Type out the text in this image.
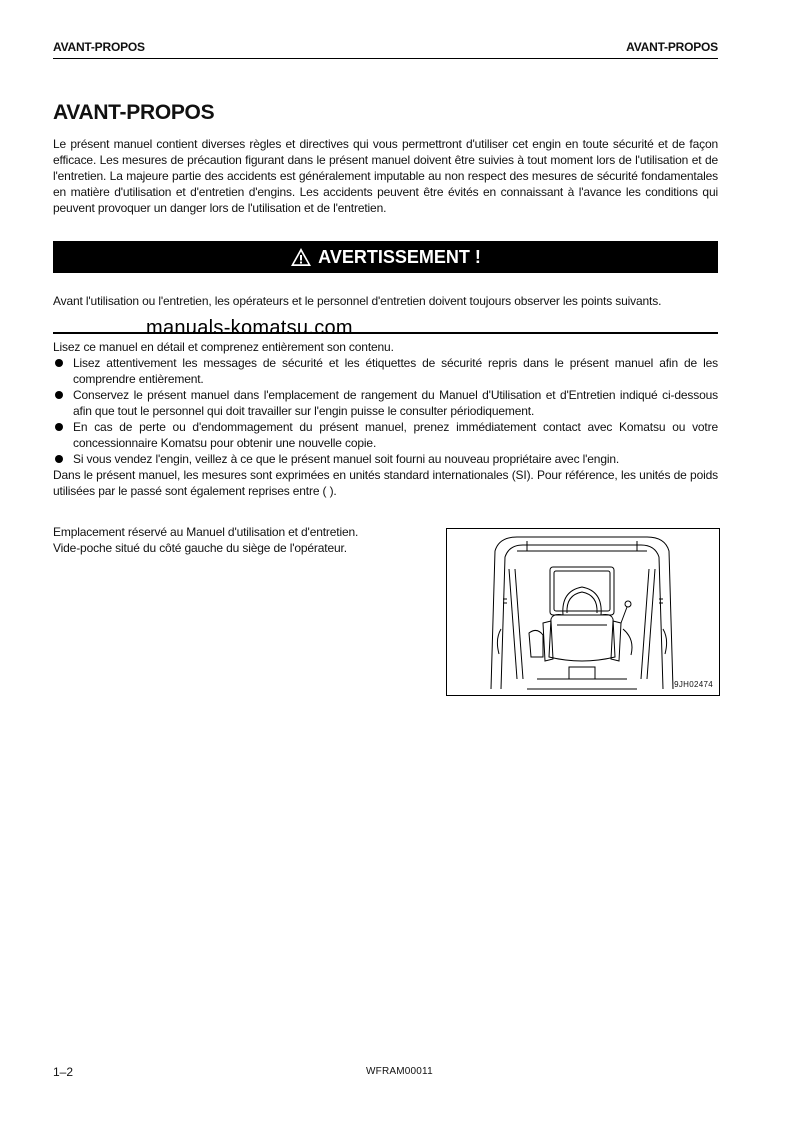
AVANT-PROPOS	AVANT-PROPOS
AVANT-PROPOS

Le présent manuel contient diverses règles et directives qui vous permettront d'utiliser cet engin en toute sécurité et de façon efficace. Les mesures de précaution figurant dans le présent manuel doivent être suivies à tout moment lors de l'utilisation et de l'entretien. La majeure partie des accidents est généralement imputable au non respect des mesures de sécurité fondamentales en matière d'utilisation et d'entretien d'engins. Les accidents peuvent être évités en connaissant à l'avance les conditions qui peuvent provoquer un danger lors de l'utilisation et de l'entretien.

AVERTISSEMENT !

Avant l'utilisation ou l'entretien, les opérateurs et le personnel d'entretien doivent toujours observer les points suivants.

manuals-komatsu.com

Lisez ce manuel en détail et comprenez entièrement son contenu.

Lisez attentivement les messages de sécurité et les étiquettes de sécurité repris dans le présent manuel afin de les comprendre entièrement.
Conservez le présent manuel dans l'emplacement de rangement du Manuel d'Utilisation et d'Entretien indiqué ci-dessous afin que tout le personnel qui doit travailler sur l'engin puisse le consulter périodiquement.
En cas de perte ou d'endommagement du présent manuel, prenez immédiatement contact avec Komatsu ou votre concessionnaire Komatsu pour obtenir une nouvelle copie.
Si vous vendez l'engin, veillez à ce que le présent manuel soit fourni au nouveau propriétaire avec l'engin.

Dans le présent manuel, les mesures sont exprimées en unités standard internationales (SI). Pour référence, les unités de poids utilisées par le passé sont également reprises entre ( ).

Emplacement réservé au Manuel d'utilisation et d'entretien.

Vide-poche situé du côté gauche du siège de l'opérateur.

9JH02474
1–2	WFRAM00011
